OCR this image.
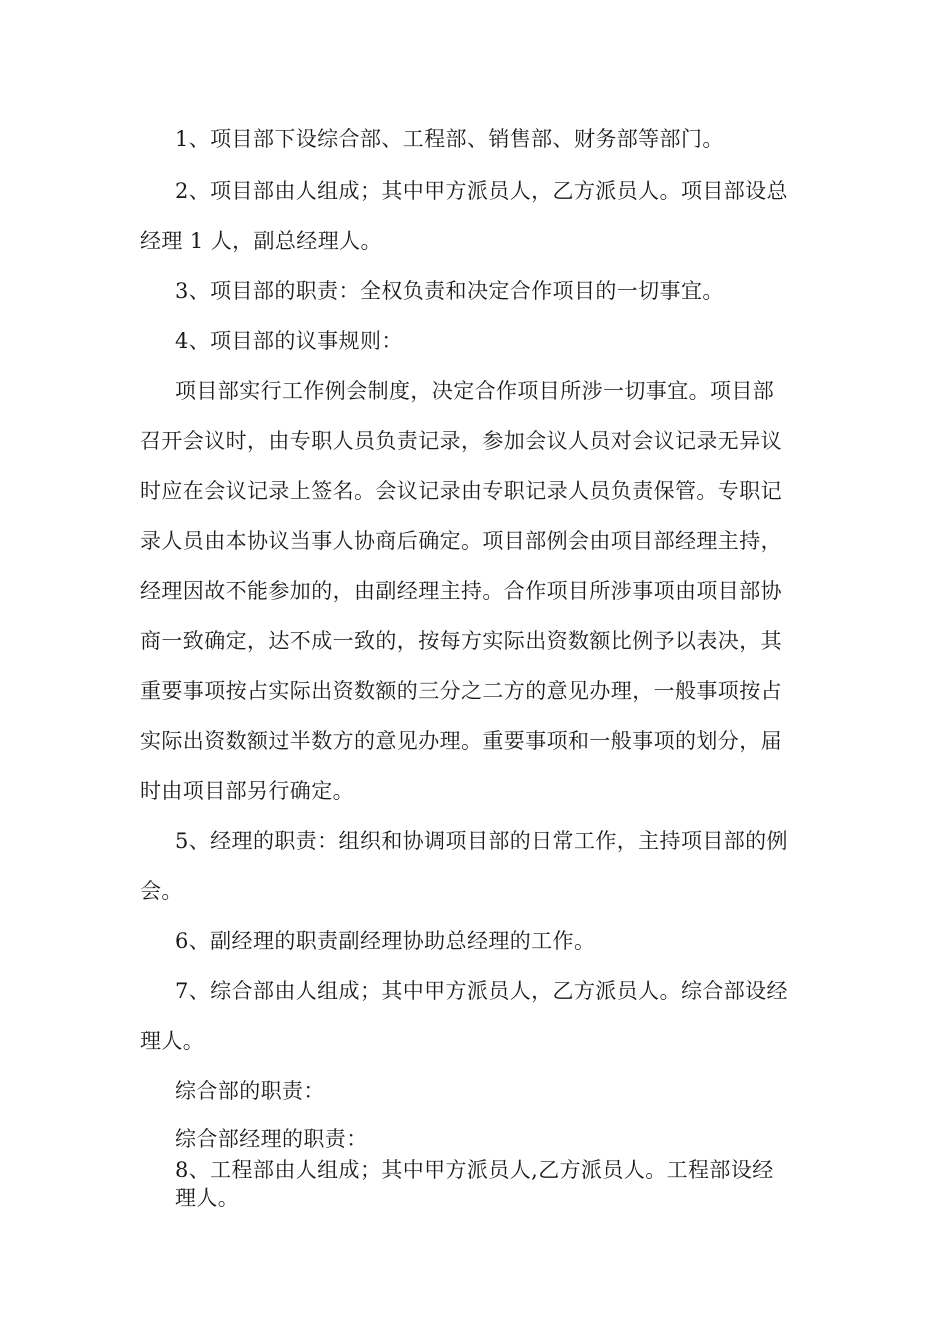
1、项目部下设综合部、工程部、销售部、财务部等部门。
2、项目部由人组成；其中甲方派员人，乙方派员人。项目部设总
经理 1 人，副总经理人。
3、项目部的职责：全权负责和决定合作项目的一切事宜。
4、项目部的议事规则：
项目部实行工作例会制度，决定合作项目所涉一切事宜。项目部
召开会议时，由专职人员负责记录，参加会议人员对会议记录无异议
时应在会议记录上签名。会议记录由专职记录人员负责保管。专职记
录人员由本协议当事人协商后确定。项目部例会由项目部经理主持，
经理因故不能参加的，由副经理主持。合作项目所涉事项由项目部协
商一致确定，达不成一致的，按每方实际出资数额比例予以表决，其
重要事项按占实际出资数额的三分之二方的意见办理，一般事项按占
实际出资数额过半数方的意见办理。重要事项和一般事项的划分，届
时由项目部另行确定。
5、经理的职责：组织和协调项目部的日常工作，主持项目部的例
会。
6、副经理的职责副经理协助总经理的工作。
7、综合部由人组成；其中甲方派员人，乙方派员人。综合部设经
理人。
综合部的职责：
综合部经理的职责：
8、工程部由人组成；其中甲方派员人,乙方派员人。工程部设经
理人。
